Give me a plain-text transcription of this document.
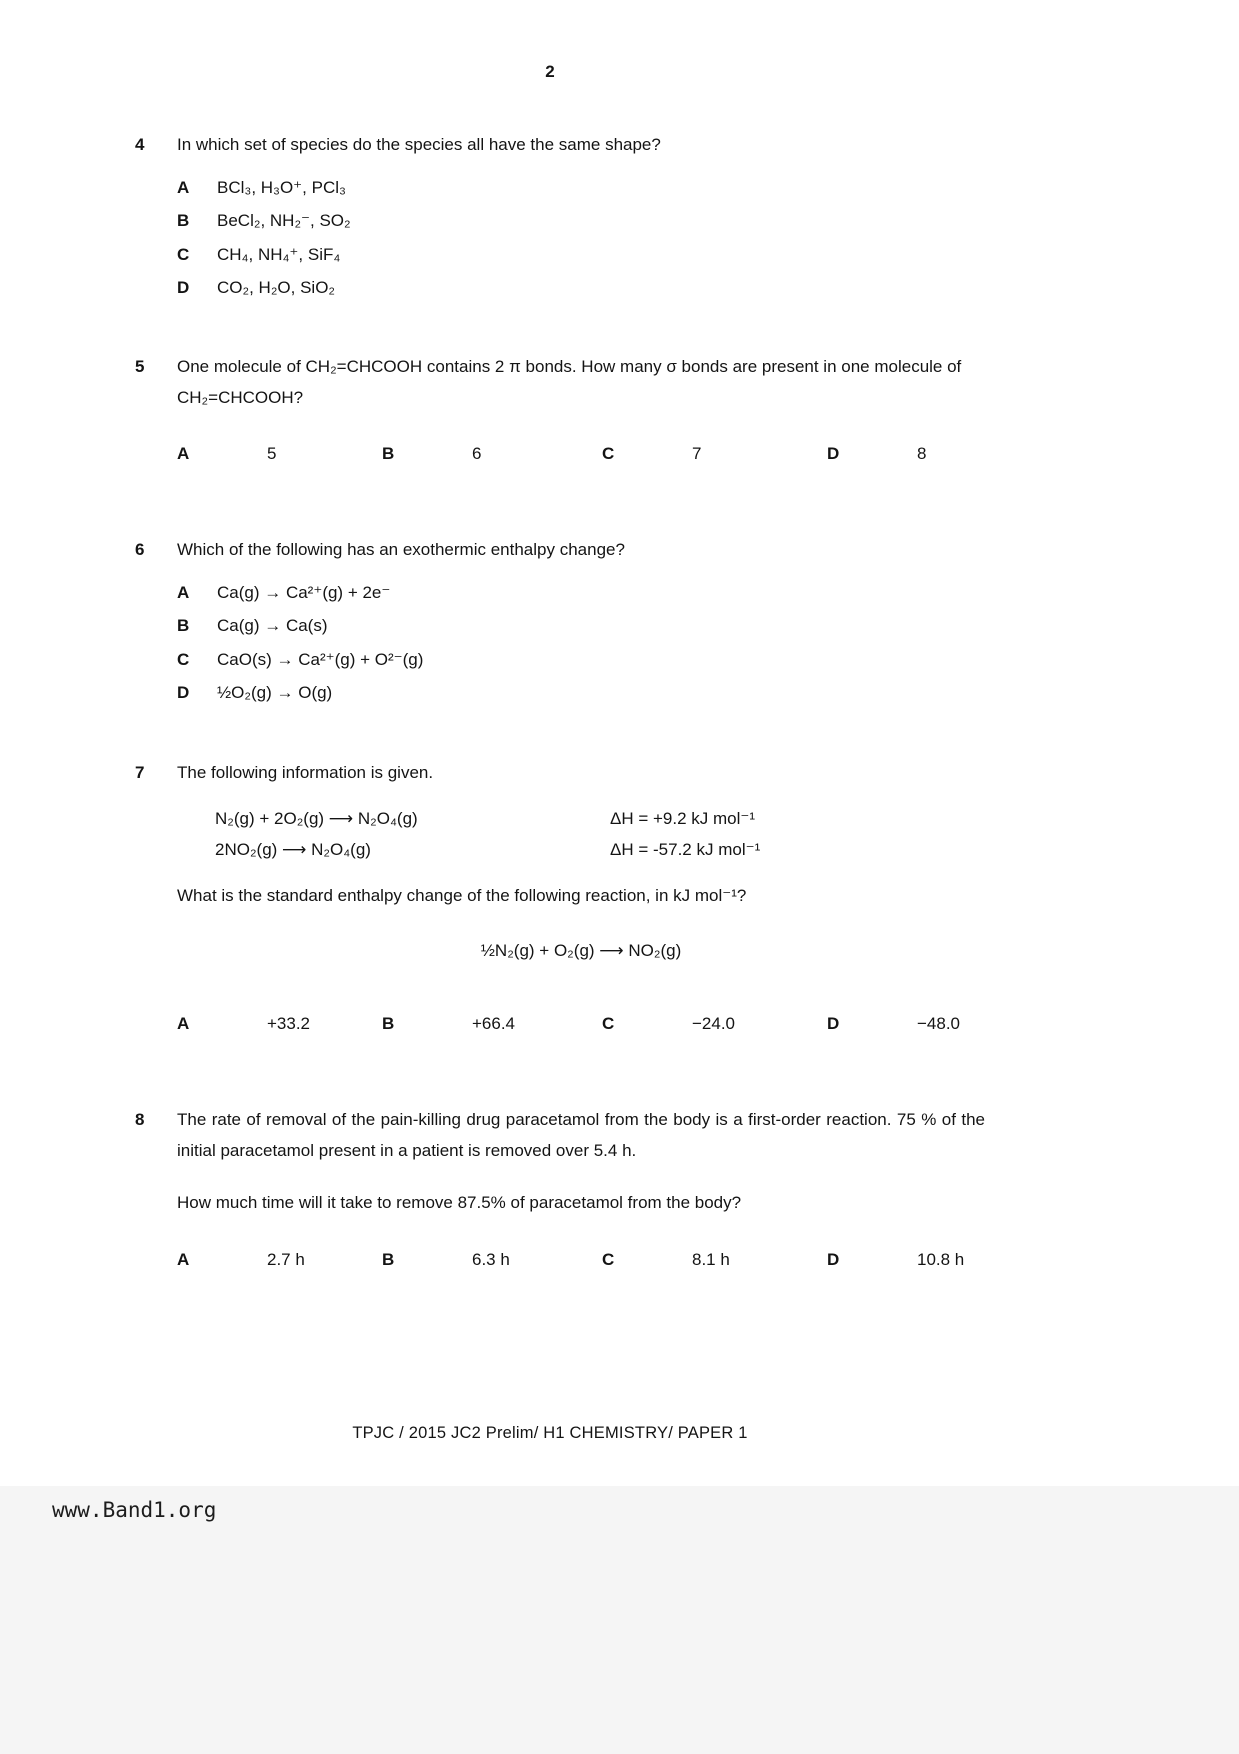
2
4	In which set of species do the species all have the same shape?

A	BCl₃, H₃O⁺, PCl₃
B	BeCl₂, NH₂⁻, SO₂
C	CH₄, NH₄⁺, SiF₄
D	CO₂, H₂O, SiO₂
5	One molecule of CH₂=CHCOOH contains 2 π bonds. How many σ bonds are present in one molecule of CH₂=CHCOOH?

A	5	B	6	C	7	D	8
6	Which of the following has an exothermic enthalpy change?

A	Ca(g) → Ca²⁺(g) + 2e⁻
B	Ca(g) → Ca(s)
C	CaO(s) → Ca²⁺(g) + O²⁻(g)
D	½O₂(g) → O(g)
7	The following information is given.

N₂(g) + 2O₂(g) ⟶ N₂O₄(g)	ΔH = +9.2 kJ mol⁻¹
2NO₂(g) ⟶ N₂O₄(g)	ΔH = -57.2 kJ mol⁻¹

What is the standard enthalpy change of the following reaction, in kJ mol⁻¹?

½N₂(g) + O₂(g) ⟶ NO₂(g)
A	+33.2	B	+66.4	C	−24.0	D	−48.0
8	The rate of removal of the pain-killing drug paracetamol from the body is a first-order reaction. 75 % of the initial paracetamol present in a patient is removed over 5.4 h.

How much time will it take to remove 87.5% of paracetamol from the body?

A	2.7 h	B	6.3 h	C	8.1 h	D	10.8 h
TPJC / 2015 JC2 Prelim/ H1 CHEMISTRY/ PAPER 1
www.Band1.org
